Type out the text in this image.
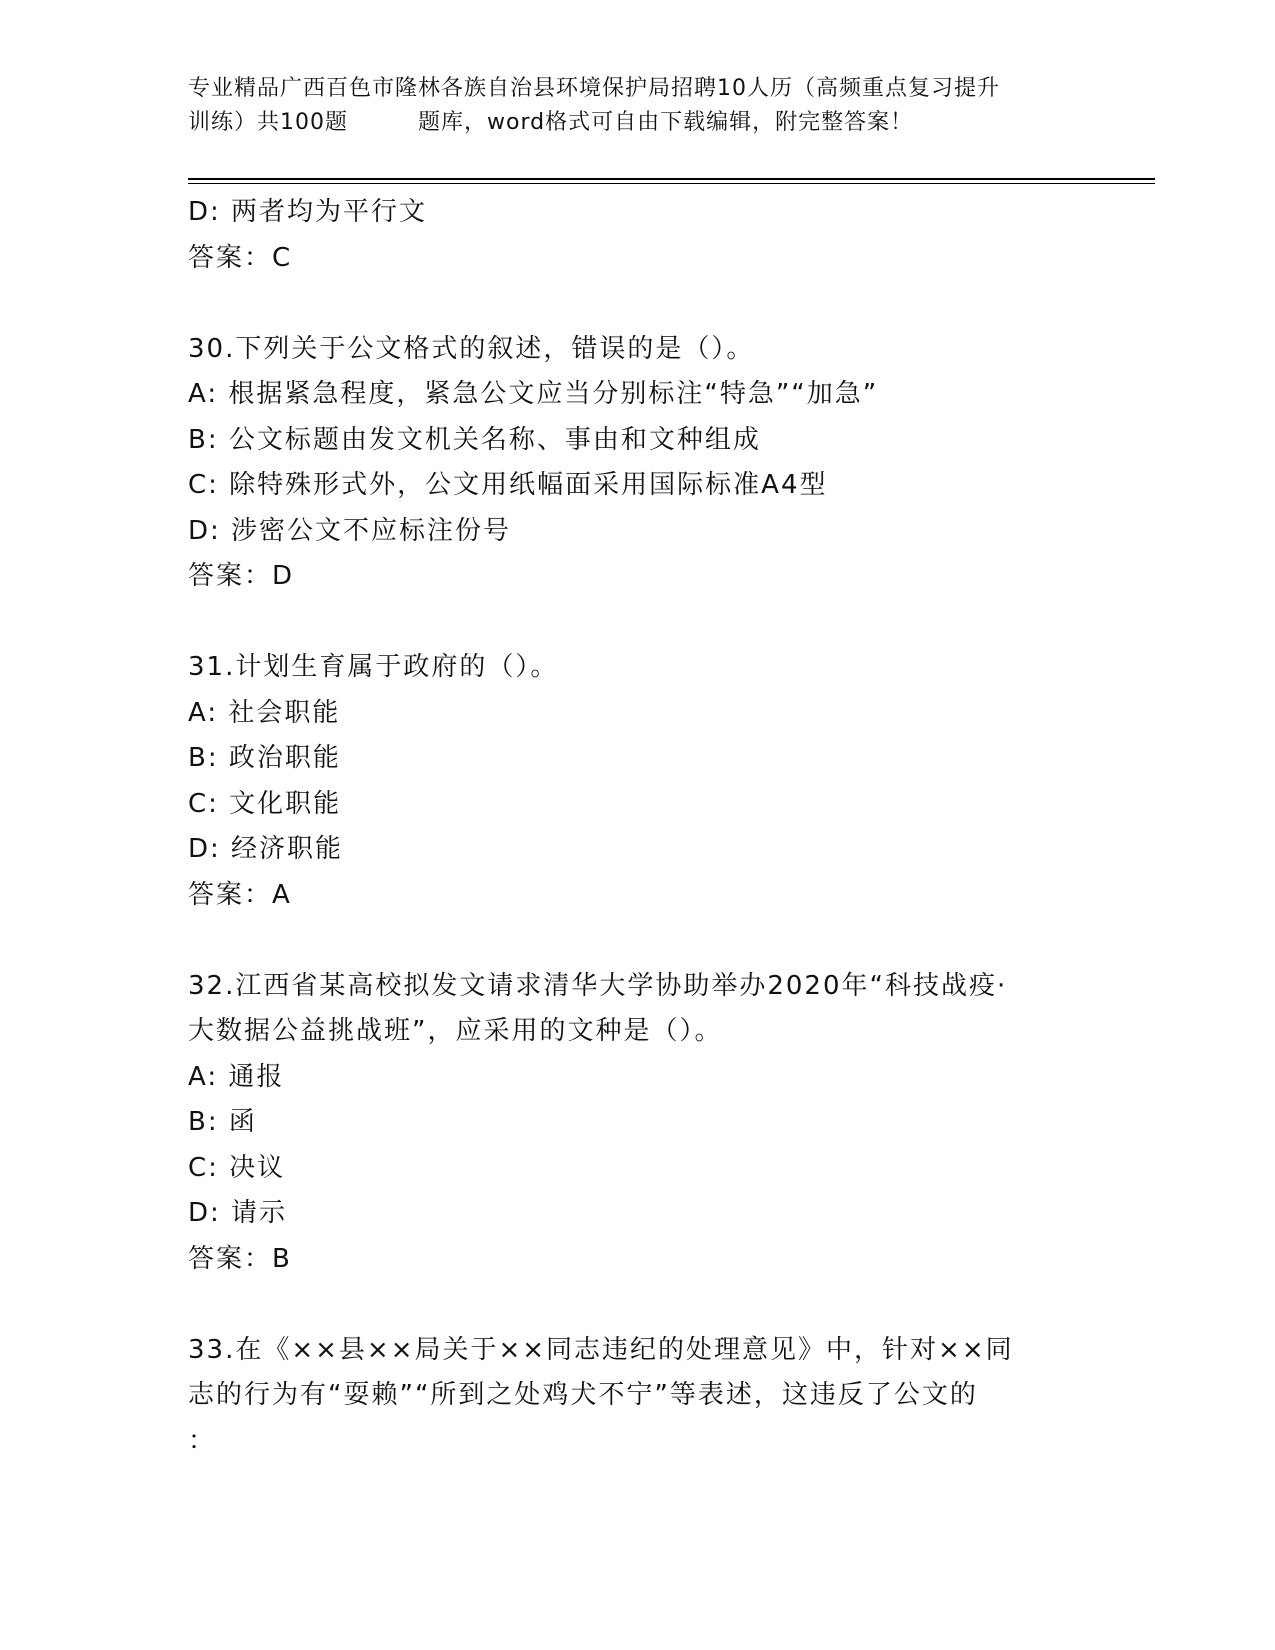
专业精品广西百色市隆林各族自治县环境保护局招聘10人历（高频重点复习提升
训练）共100题	题库，word格式可自由下载编辑，附完整答案！
D: 两者均为平行文
答案：C
30.下列关于公文格式的叙述，错误的是（）。
A: 根据紧急程度，紧急公文应当分别标注“特急”“加急”
B: 公文标题由发文机关名称、事由和文种组成
C: 除特殊形式外，公文用纸幅面采用国际标准A4型
D: 涉密公文不应标注份号
答案：D
31.计划生育属于政府的（）。
A: 社会职能
B: 政治职能
C: 文化职能
D: 经济职能
答案：A
32.江西省某高校拟发文请求清华大学协助举办2020年“科技战疫·
大数据公益挑战班”，应采用的文种是（）。
A: 通报
B: 函
C: 决议
D: 请示
答案：B
33.在《××县××局关于××同志违纪的处理意见》中，针对××同
志的行为有“耍赖”“所到之处鸡犬不宁”等表述，这违反了公文的
：
